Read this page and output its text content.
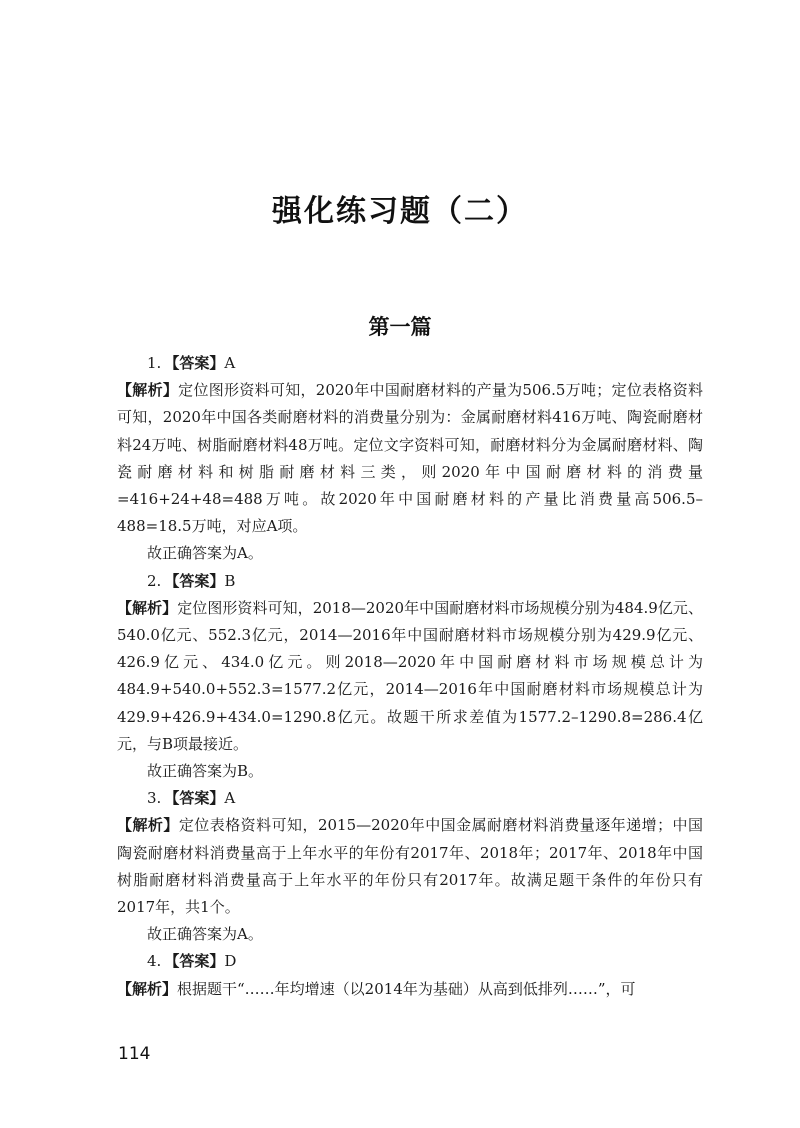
强化练习题（二）
第一篇

1. 【答案】A

【解析】定位图形资料可知，2020年中国耐磨材料的产量为506.5万吨；定位表格资料可知，2020年中国各类耐磨材料的消费量分别为：金属耐磨材料416万吨、陶瓷耐磨材料24万吨、树脂耐磨材料48万吨。定位文字资料可知，耐磨材料分为金属耐磨材料、陶瓷耐磨材料和树脂耐磨材料三类，则2020年中国耐磨材料的消费量=416+24+48=488万吨。故2020年中国耐磨材料的产量比消费量高506.5–488=18.5万吨，对应A项。

故正确答案为A。

2. 【答案】B

【解析】定位图形资料可知，2018—2020年中国耐磨材料市场规模分别为484.9亿元、540.0亿元、552.3亿元，2014—2016年中国耐磨材料市场规模分别为429.9亿元、426.9亿元、434.0亿元。则2018—2020年中国耐磨材料市场规模总计为484.9+540.0+552.3=1577.2亿元，2014—2016年中国耐磨材料市场规模总计为429.9+426.9+434.0=1290.8亿元。故题干所求差值为1577.2–1290.8=286.4亿元，与B项最接近。

故正确答案为B。

3. 【答案】A

【解析】定位表格资料可知，2015—2020年中国金属耐磨材料消费量逐年递增；中国陶瓷耐磨材料消费量高于上年水平的年份有2017年、2018年；2017年、2018年中国树脂耐磨材料消费量高于上年水平的年份只有2017年。故满足题干条件的年份只有2017年，共1个。

故正确答案为A。

4. 【答案】D

【解析】根据题干“……年均增速（以2014年为基础）从高到低排列……”，可

114
